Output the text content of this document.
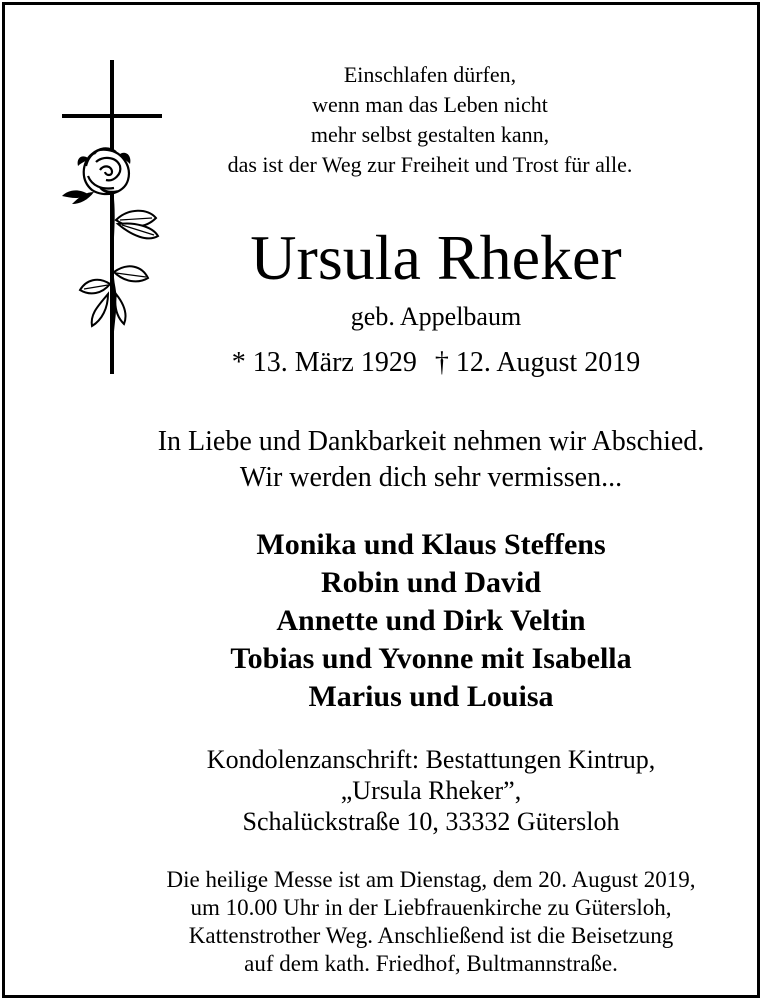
Einschlafen dürfen,
wenn man das Leben nicht
mehr selbst gestalten kann,
das ist der Weg zur Freiheit und Trost für alle.
Ursula Rheker
geb. Appelbaum
* 13. März 1929 † 12. August 2019
In Liebe und Dankbarkeit nehmen wir Abschied.
Wir werden dich sehr vermissen...
Monika und Klaus Steffens
Robin und David
Annette und Dirk Veltin
Tobias und Yvonne mit Isabella
Marius und Louisa
Kondolenzanschrift: Bestattungen Kintrup,
„Ursula Rheker”,
Schalückstraße 10, 33332 Gütersloh
Die heilige Messe ist am Dienstag, dem 20. August 2019,
um 10.00 Uhr in der Liebfrauenkirche zu Gütersloh,
Kattenstrother Weg. Anschließend ist die Beisetzung
auf dem kath. Friedhof, Bultmannstraße.
